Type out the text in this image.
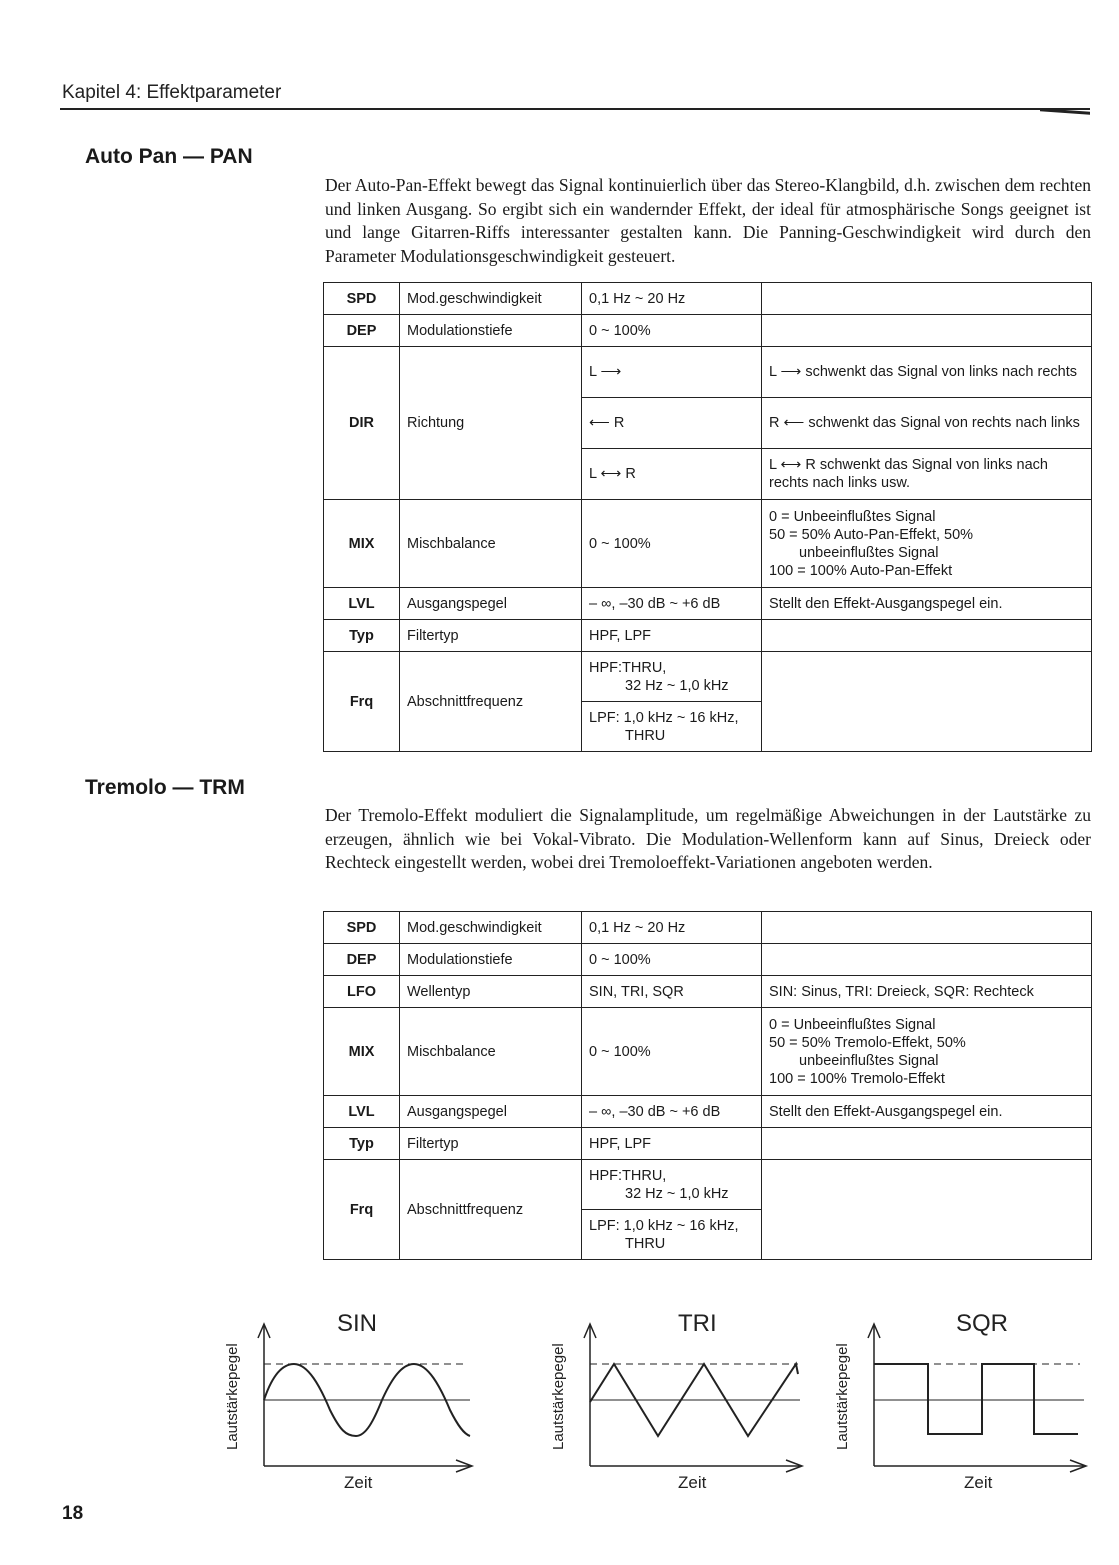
Kapitel 4: Effektparameter
Auto Pan — PAN
Der Auto-Pan-Effekt bewegt das Signal kontinuierlich über das Stereo-Klangbild, d.h. zwischen dem rechten und linken Ausgang. So ergibt sich ein wandernder Effekt, der ideal für atmosphärische Songs geeignet ist und lange Gitarren-Riffs interessanter gestalten kann. Die Panning-Geschwindigkeit wird durch den Parameter Modulationsgeschwindigkeit gesteuert.
SPD	Mod.geschwindigkeit	0,1 Hz ~ 20 Hz	
DEP	Modulationstiefe	0 ~ 100%	
DIR	Richtung	L ⟶	L ⟶ schwenkt das Signal von links nach rechts
		⟵ R	R ⟵ schwenkt das Signal von rechts nach links
		L ⟷ R	L ⟷ R schwenkt das Signal von links nach rechts nach links usw.
MIX	Mischbalance	0 ~ 100%	0 = Unbeeinflußtes Signal
50 = 50% Auto-Pan-Effekt, 50%
unbeeinflußtes Signal
100 = 100% Auto-Pan-Effekt

LVL	Ausgangspegel	– ∞, –30 dB ~ +6 dB	Stellt den Effekt-Ausgangspegel ein.
Typ	Filtertyp	HPF, LPF	
Frq	Abschnittfrequenz	HPF:THRU,
32 Hz ~ 1,0 kHz	

		LPF: 1,0 kHz ~ 16 kHz,
THRU	
Tremolo — TRM
Der Tremolo-Effekt moduliert die Signalamplitude, um regelmäßige Abweichungen in der Lautstärke zu erzeugen, ähnlich wie bei Vokal-Vibrato. Die Modulation-Wellenform kann auf Sinus, Dreieck oder Rechteck eingestellt werden, wobei drei Tremoloeffekt-Variationen angeboten werden.
SPD	Mod.geschwindigkeit	0,1 Hz ~ 20 Hz	
DEP	Modulationstiefe	0 ~ 100%	
LFO	Wellentyp	SIN, TRI, SQR	SIN: Sinus, TRI: Dreieck, SQR: Rechteck
MIX	Mischbalance	0 ~ 100%	0 = Unbeeinflußtes Signal
50 = 50% Tremolo-Effekt, 50%
unbeeinflußtes Signal
100 = 100% Tremolo-Effekt

LVL	Ausgangspegel	– ∞, –30 dB ~ +6 dB	Stellt den Effekt-Ausgangspegel ein.
Typ	Filtertyp	HPF, LPF	
Frq	Abschnittfrequenz	HPF:THRU,
32 Hz ~ 1,0 kHz	

		LPF: 1,0 kHz ~ 16 kHz,
THRU	
Lautstärkepegel
SIN
Zeit
Lautstärkepegel
TRI
Zeit
Lautstärkepegel
SQR
Zeit
18
